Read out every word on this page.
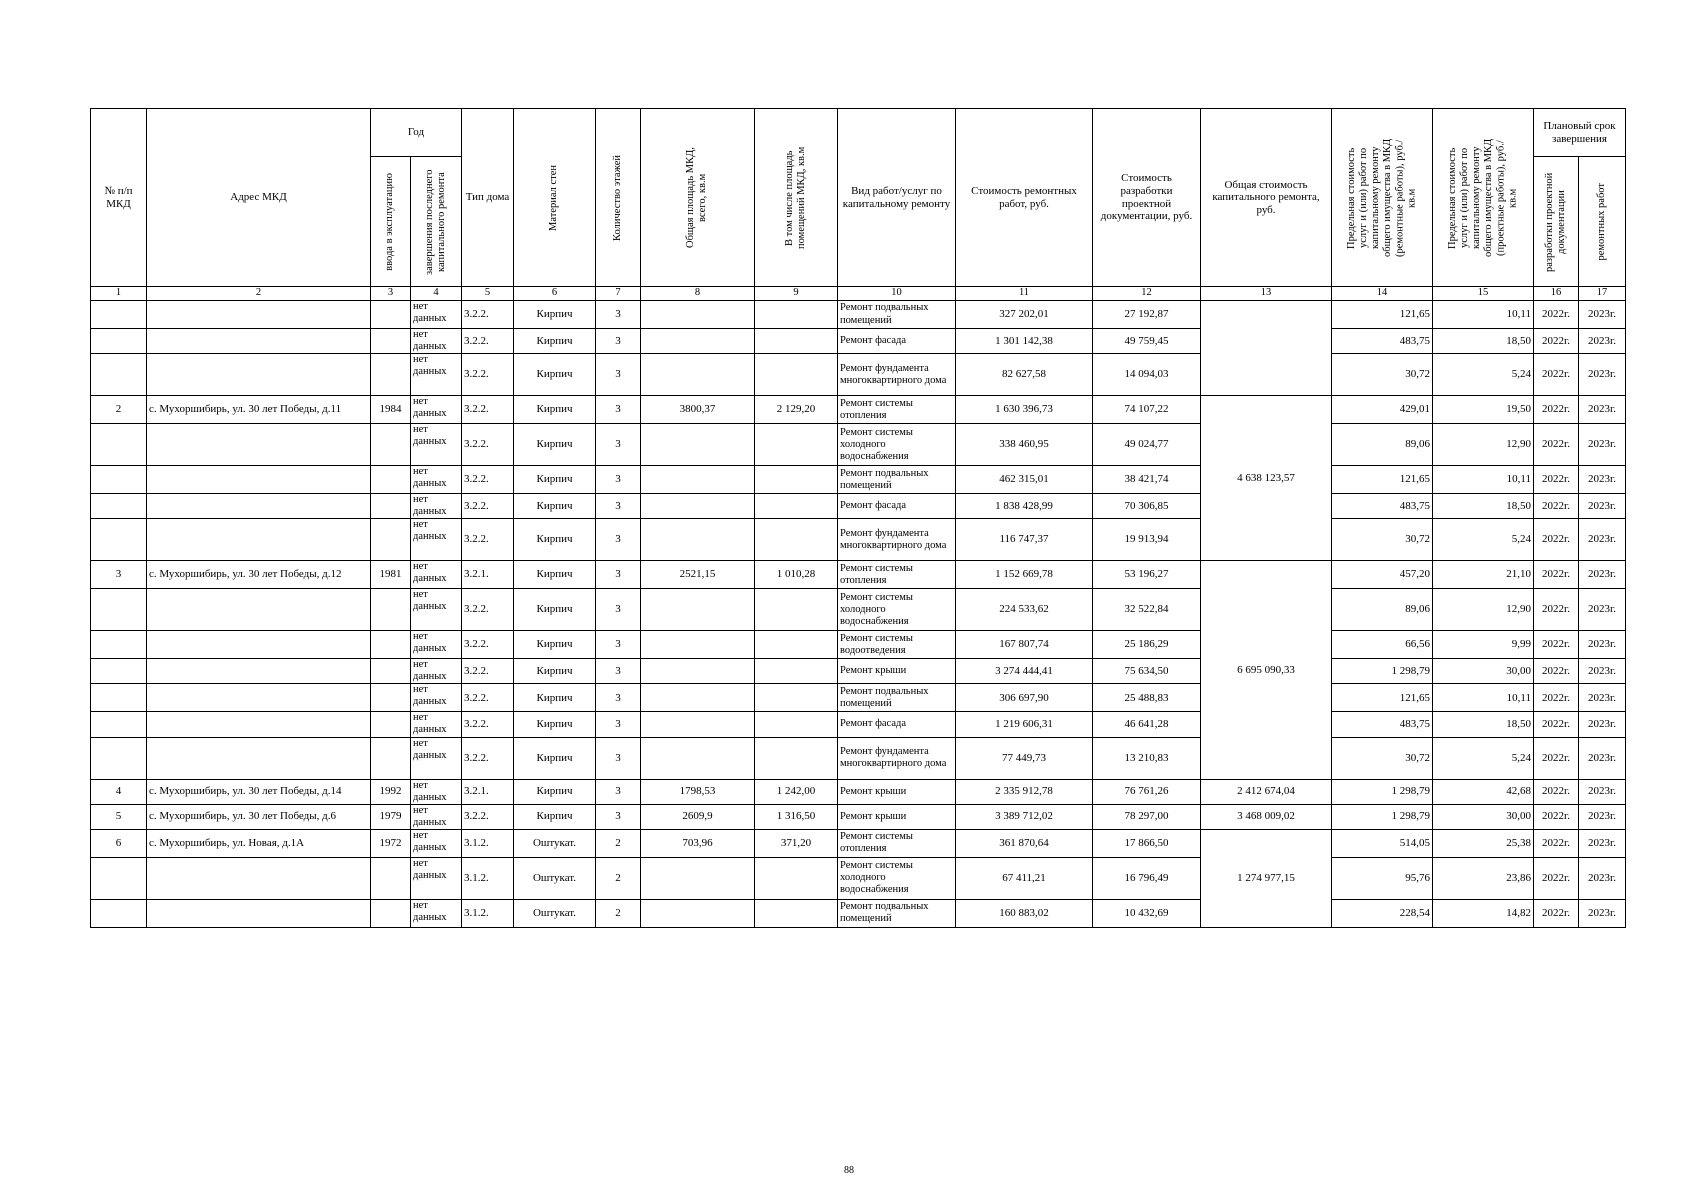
№ п/п МКД	Адрес МКД	Год		Тип дома	Материал стен	Количество этажей	Общая площадь МКД, всего, кв.м	В том числе площадь помещений МКД, кв.м	Вид работ/услуг по капитальному ремонту	Стоимость ремонтных работ, руб.	Стоимость разработки проектной документации, руб.	Общая стоимость капитального ремонта, руб.	Предельная стоимость услуг и (или) работ по капитальному ремонту общего имущества в МКД (ремонтные работы), руб./кв.м	Предельная стоимость услуг и (или) работ по капитальному ремонту общего имущества в МКД (проектные работы), руб./кв.м	Плановый срок завершения	

		ввода в эксплуатацию	завершения последнего капитального ремонта												разработки проектной документации	ремонтных работ

1	2	3	4	5	6	7	8	9	10	11	12	13	14	15	16	17
			нет данных	3.2.2.	Кирпич	3			Ремонт подвальных помещений	327 202,01	27 192,87		121,65	10,11	2022г.	2023г.
			нет данных	3.2.2.	Кирпич	3			Ремонт фасада	1 301 142,38	49 759,45		483,75	18,50	2022г.	2023г.
			нет данных	3.2.2.	Кирпич	3			Ремонт фундамента многоквартирного дома	82 627,58	14 094,03		30,72	5,24	2022г.	2023г.
2	с. Мухоршибирь, ул. 30 лет Победы, д.11	1984	нет данных	3.2.2.	Кирпич	3	3800,37	2 129,20	Ремонт системы отопления	1 630 396,73	74 107,22	4 638 123,57	429,01	19,50	2022г.	2023г.
			нет данных	3.2.2.	Кирпич	3			Ремонт системы холодного водоснабжения	338 460,95	49 024,77		89,06	12,90	2022г.	2023г.
			нет данных	3.2.2.	Кирпич	3			Ремонт подвальных помещений	462 315,01	38 421,74		121,65	10,11	2022г.	2023г.
			нет данных	3.2.2.	Кирпич	3			Ремонт фасада	1 838 428,99	70 306,85		483,75	18,50	2022г.	2023г.
			нет данных	3.2.2.	Кирпич	3			Ремонт фундамента многоквартирного дома	116 747,37	19 913,94		30,72	5,24	2022г.	2023г.
3	с. Мухоршибирь, ул. 30 лет Победы, д.12	1981	нет данных	3.2.1.	Кирпич	3	2521,15	1 010,28	Ремонт системы отопления	1 152 669,78	53 196,27	6 695 090,33	457,20	21,10	2022г.	2023г.
			нет данных	3.2.2.	Кирпич	3			Ремонт системы холодного водоснабжения	224 533,62	32 522,84		89,06	12,90	2022г.	2023г.
			нет данных	3.2.2.	Кирпич	3			Ремонт системы водоотведения	167 807,74	25 186,29		66,56	9,99	2022г.	2023г.
			нет данных	3.2.2.	Кирпич	3			Ремонт крыши	3 274 444,41	75 634,50		1 298,79	30,00	2022г.	2023г.
			нет данных	3.2.2.	Кирпич	3			Ремонт подвальных помещений	306 697,90	25 488,83		121,65	10,11	2022г.	2023г.
			нет данных	3.2.2.	Кирпич	3			Ремонт фасада	1 219 606,31	46 641,28		483,75	18,50	2022г.	2023г.
			нет данных	3.2.2.	Кирпич	3			Ремонт фундамента многоквартирного дома	77 449,73	13 210,83		30,72	5,24	2022г.	2023г.
4	с. Мухоршибирь, ул. 30 лет Победы, д.14	1992	нет данных	3.2.1.	Кирпич	3	1798,53	1 242,00	Ремонт крыши	2 335 912,78	76 761,26	2 412 674,04	1 298,79	42,68	2022г.	2023г.
5	с. Мухоршибирь, ул. 30 лет Победы, д.6	1979	нет данных	3.2.2.	Кирпич	3	2609,9	1 316,50	Ремонт крыши	3 389 712,02	78 297,00	3 468 009,02	1 298,79	30,00	2022г.	2023г.
6	с. Мухоршибирь, ул. Новая, д.1А	1972	нет данных	3.1.2.	Оштукат.	2	703,96	371,20	Ремонт системы отопления	361 870,64	17 866,50	1 274 977,15	514,05	25,38	2022г.	2023г.
			нет данных	3.1.2.	Оштукат.	2			Ремонт системы холодного водоснабжения	67 411,21	16 796,49		95,76	23,86	2022г.	2023г.
			нет данных	3.1.2.	Оштукат.	2			Ремонт подвальных помещений	160 883,02	10 432,69		228,54	14,82	2022г.	2023г.
88
